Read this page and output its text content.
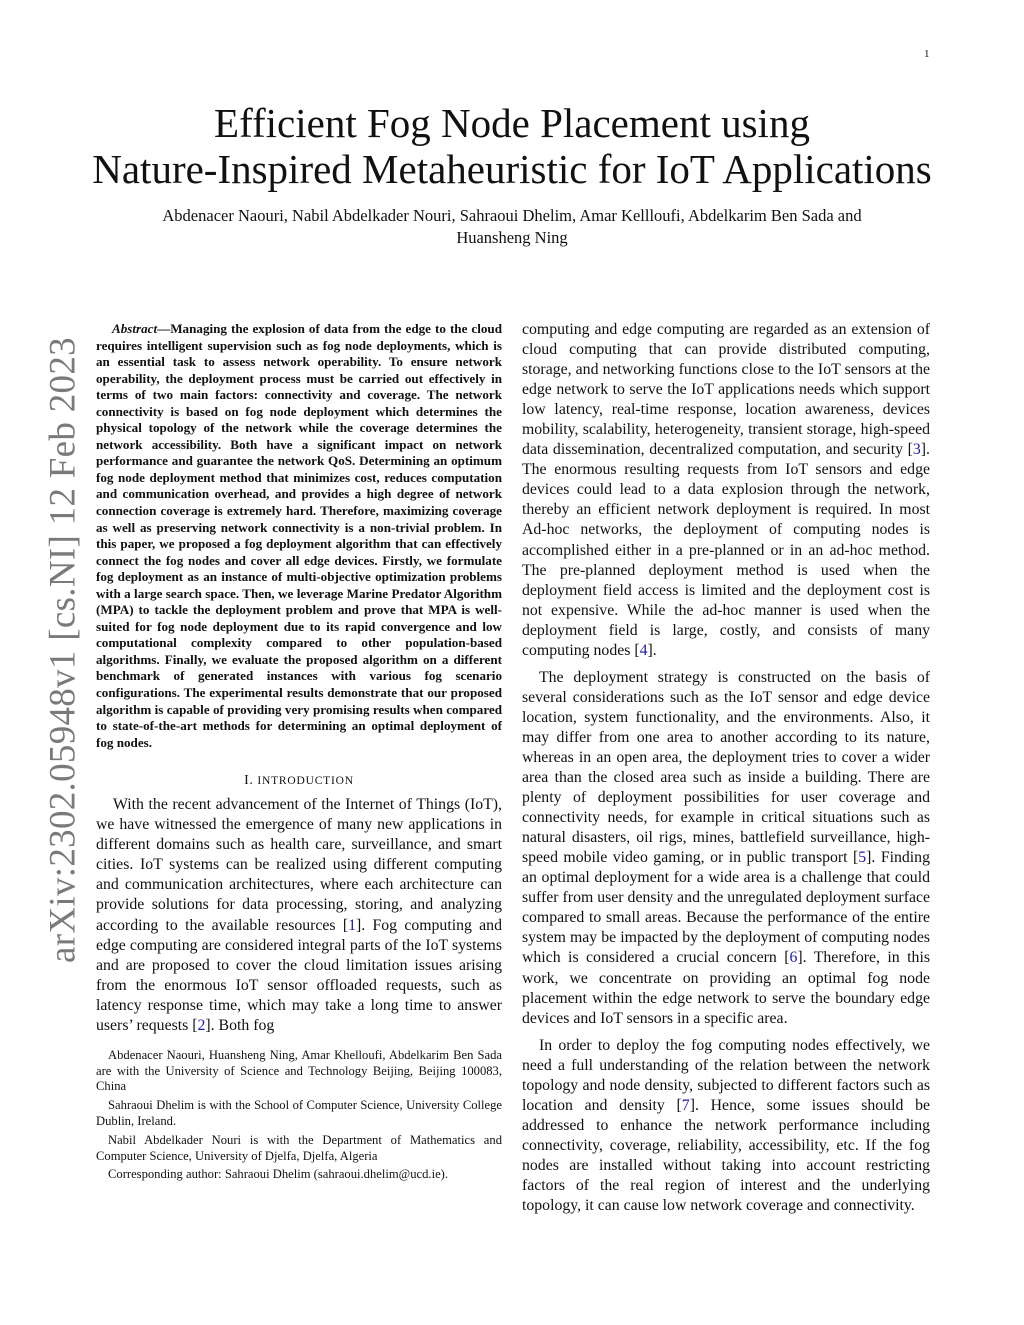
1
arXiv:2302.05948v1 [cs.NI] 12 Feb 2023
Efficient Fog Node Placement using
Nature-Inspired Metaheuristic for IoT Applications
Abdenacer Naouri, Nabil Abdelkader Nouri, Sahraoui Dhelim, Amar Kellloufi, Abdelkarim Ben Sada and
Huansheng Ning

Abstract—Managing the explosion of data from the edge to the cloud requires intelligent supervision such as fog node deployments, which is an essential task to assess network operability. To ensure network operability, the deployment process must be carried out effectively in terms of two main factors: connectivity and coverage. The network connectivity is based on fog node deployment which determines the physical topology of the network while the coverage determines the network accessibility. Both have a significant impact on network performance and guarantee the network QoS. Determining an optimum fog node deployment method that minimizes cost, reduces computation and communication overhead, and provides a high degree of network connection coverage is extremely hard. Therefore, maximizing coverage as well as preserving network connectivity is a non-trivial problem. In this paper, we proposed a fog deployment algorithm that can effectively connect the fog nodes and cover all edge devices. Firstly, we formulate fog deployment as an instance of multi-objective optimization problems with a large search space. Then, we leverage Marine Predator Algorithm (MPA) to tackle the deployment problem and prove that MPA is well-suited for fog node deployment due to its rapid convergence and low computational complexity compared to other population-based algorithms. Finally, we evaluate the proposed algorithm on a different benchmark of generated instances with various fog scenario configurations. The experimental results demonstrate that our proposed algorithm is capable of providing very promising results when compared to state-of-the-art methods for determining an optimal deployment of fog nodes.

I. INTRODUCTION

With the recent advancement of the Internet of Things (IoT), we have witnessed the emergence of many new applications in different domains such as health care, surveillance, and smart cities. IoT systems can be realized using different computing and communication architectures, where each architecture can provide solutions for data processing, storing, and analyzing according to the available resources [1]. Fog computing and edge computing are considered integral parts of the IoT systems and are proposed to cover the cloud limitation issues arising from the enormous IoT sensor offloaded requests, such as latency response time, which may take a long time to answer users’ requests [2]. Both fog

Abdenacer Naouri, Huansheng Ning, Amar Khelloufi, Abdelkarim Ben Sada are with the University of Science and Technology Beijing, Beijing 100083, China

Sahraoui Dhelim is with the School of Computer Science, University College Dublin, Ireland.

Nabil Abdelkader Nouri is with the Department of Mathematics and Computer Science, University of Djelfa, Djelfa, Algeria

Corresponding author: Sahraoui Dhelim (sahraoui.dhelim@ucd.ie).

computing and edge computing are regarded as an extension of cloud computing that can provide distributed computing, storage, and networking functions close to the IoT sensors at the edge network to serve the IoT applications needs which support low latency, real-time response, location awareness, devices mobility, scalability, heterogeneity, transient storage, high-speed data dissemination, decentralized computation, and security [3]. The enormous resulting requests from IoT sensors and edge devices could lead to a data explosion through the network, thereby an efficient network deployment is required. In most Ad-hoc networks, the deployment of computing nodes is accomplished either in a pre-planned or in an ad-hoc method. The pre-planned deployment method is used when the deployment field access is limited and the deployment cost is not expensive. While the ad-hoc manner is used when the deployment field is large, costly, and consists of many computing nodes [4].

The deployment strategy is constructed on the basis of several considerations such as the IoT sensor and edge device location, system functionality, and the environments. Also, it may differ from one area to another according to its nature, whereas in an open area, the deployment tries to cover a wider area than the closed area such as inside a building. There are plenty of deployment possibilities for user coverage and connectivity needs, for example in critical situations such as natural disasters, oil rigs, mines, battlefield surveillance, high-speed mobile video gaming, or in public transport [5]. Finding an optimal deployment for a wide area is a challenge that could suffer from user density and the unregulated deployment surface compared to small areas. Because the performance of the entire system may be impacted by the deployment of computing nodes which is considered a crucial concern [6]. Therefore, in this work, we concentrate on providing an optimal fog node placement within the edge network to serve the boundary edge devices and IoT sensors in a specific area.

In order to deploy the fog computing nodes effectively, we need a full understanding of the relation between the network topology and node density, subjected to different factors such as location and density [7]. Hence, some issues should be addressed to enhance the network performance including connectivity, coverage, reliability, accessibility, etc. If the fog nodes are installed without taking into account restricting factors of the real region of interest and the underlying topology, it can cause low network coverage and connectivity.
